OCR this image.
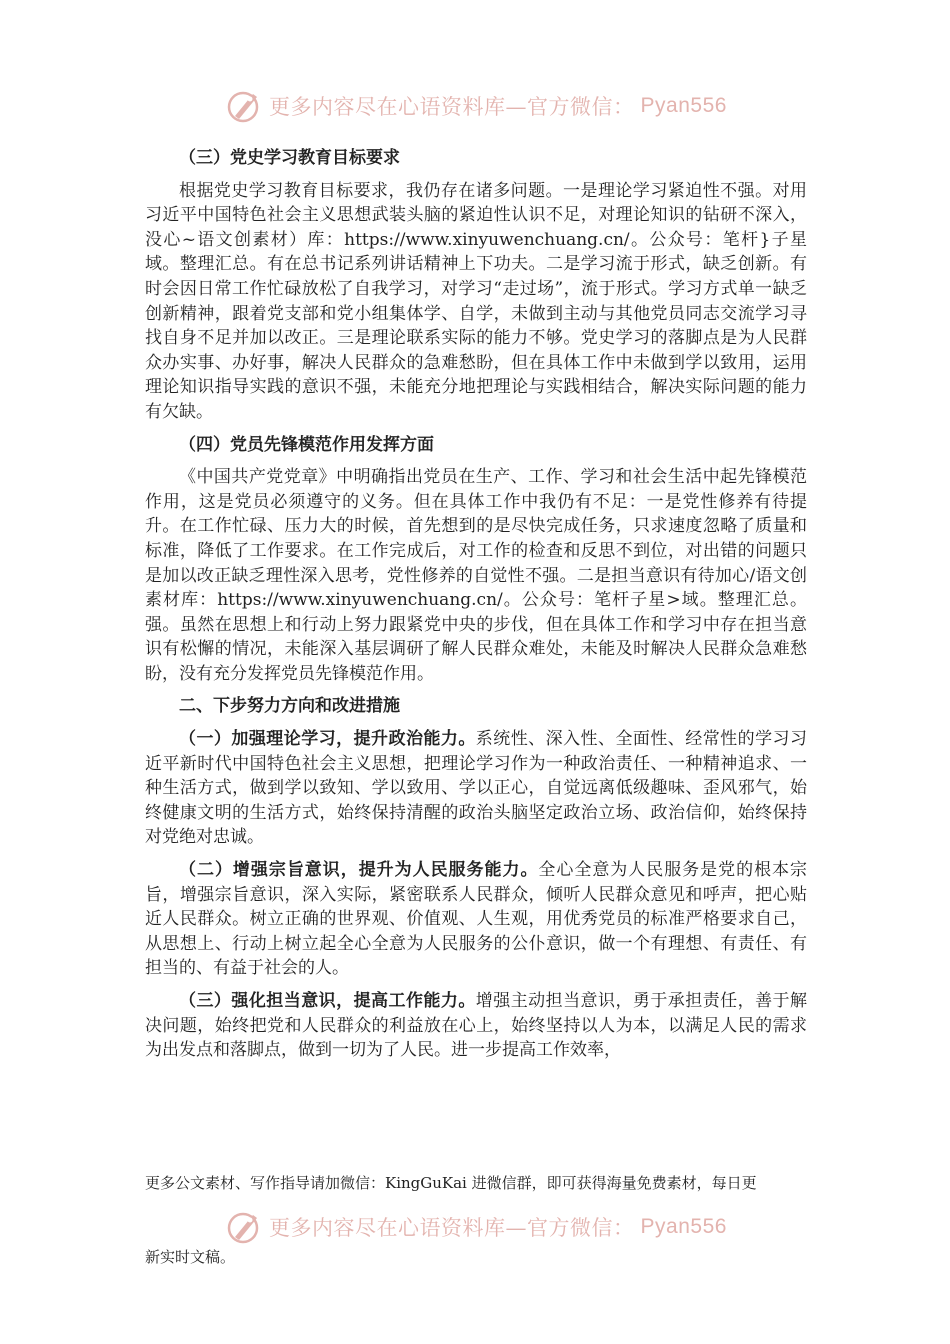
更多内容尽在心语资料库—官方微信： Pyan556

（三）党史学习教育目标要求

根据党史学习教育目标要求，我仍存在诸多问题。一是理论学习紧迫性不强。对用习近平中国特色社会主义思想武装头脑的紧迫性认识不足，对理论知识的钻研不深入，没心~语文创素材）库：https://www.xinyuwenchuang.cn/。公众号：笔杆}子星域。整理汇总。有在总书记系列讲话精神上下功夫。二是学习流于形式，缺乏创新。有时会因日常工作忙碌放松了自我学习，对学习“走过场”，流于形式。学习方式单一缺乏创新精神，跟着党支部和党小组集体学、自学，未做到主动与其他党员同志交流学习寻找自身不足并加以改正。三是理论联系实际的能力不够。党史学习的落脚点是为人民群众办实事、办好事，解决人民群众的急难愁盼，但在具体工作中未做到学以致用，运用理论知识指导实践的意识不强，未能充分地把理论与实践相结合，解决实际问题的能力有欠缺。

（四）党员先锋模范作用发挥方面

《中国共产党党章》中明确指出党员在生产、工作、学习和社会生活中起先锋模范作用，这是党员必须遵守的义务。但在具体工作中我仍有不足：一是党性修养有待提升。在工作忙碌、压力大的时候，首先想到的是尽快完成任务，只求速度忽略了质量和标准，降低了工作要求。在工作完成后，对工作的检查和反思不到位，对出错的问题只是加以改正缺乏理性深入思考，党性修养的自觉性不强。二是担当意识有待加心/语文创素材库：https://www.xinyuwenchuang.cn/。公众号：笔杆子星>域。整理汇总。强。虽然在思想上和行动上努力跟紧党中央的步伐，但在具体工作和学习中存在担当意识有松懈的情况，未能深入基层调研了解人民群众难处，未能及时解决人民群众急难愁盼，没有充分发挥党员先锋模范作用。

二、下步努力方向和改进措施

（一）加强理论学习，提升政治能力。系统性、深入性、全面性、经常性的学习习近平新时代中国特色社会主义思想，把理论学习作为一种政治责任、一种精神追求、一种生活方式，做到学以致知、学以致用、学以正心，自觉远离低级趣味、歪风邪气，始终健康文明的生活方式，始终保持清醒的政治头脑坚定政治立场、政治信仰，始终保持对党绝对忠诚。

（二）增强宗旨意识，提升为人民服务能力。全心全意为人民服务是党的根本宗旨，增强宗旨意识，深入实际，紧密联系人民群众，倾听人民群众意见和呼声，把心贴近人民群众。树立正确的世界观、价值观、人生观，用优秀党员的标准严格要求自己，从思想上、行动上树立起全心全意为人民服务的公仆意识，做一个有理想、有责任、有担当的、有益于社会的人。

（三）强化担当意识，提高工作能力。增强主动担当意识，勇于承担责任，善于解决问题，始终把党和人民群众的利益放在心上，始终坚持以人为本，以满足人民的需求为出发点和落脚点，做到一切为了人民。进一步提高工作效率，

更多公文素材、写作指导请加微信：KingGuKai 进微信群，即可获得海量免费素材，每日更
更多内容尽在心语资料库—官方微信： Pyan556
新实时文稿。
